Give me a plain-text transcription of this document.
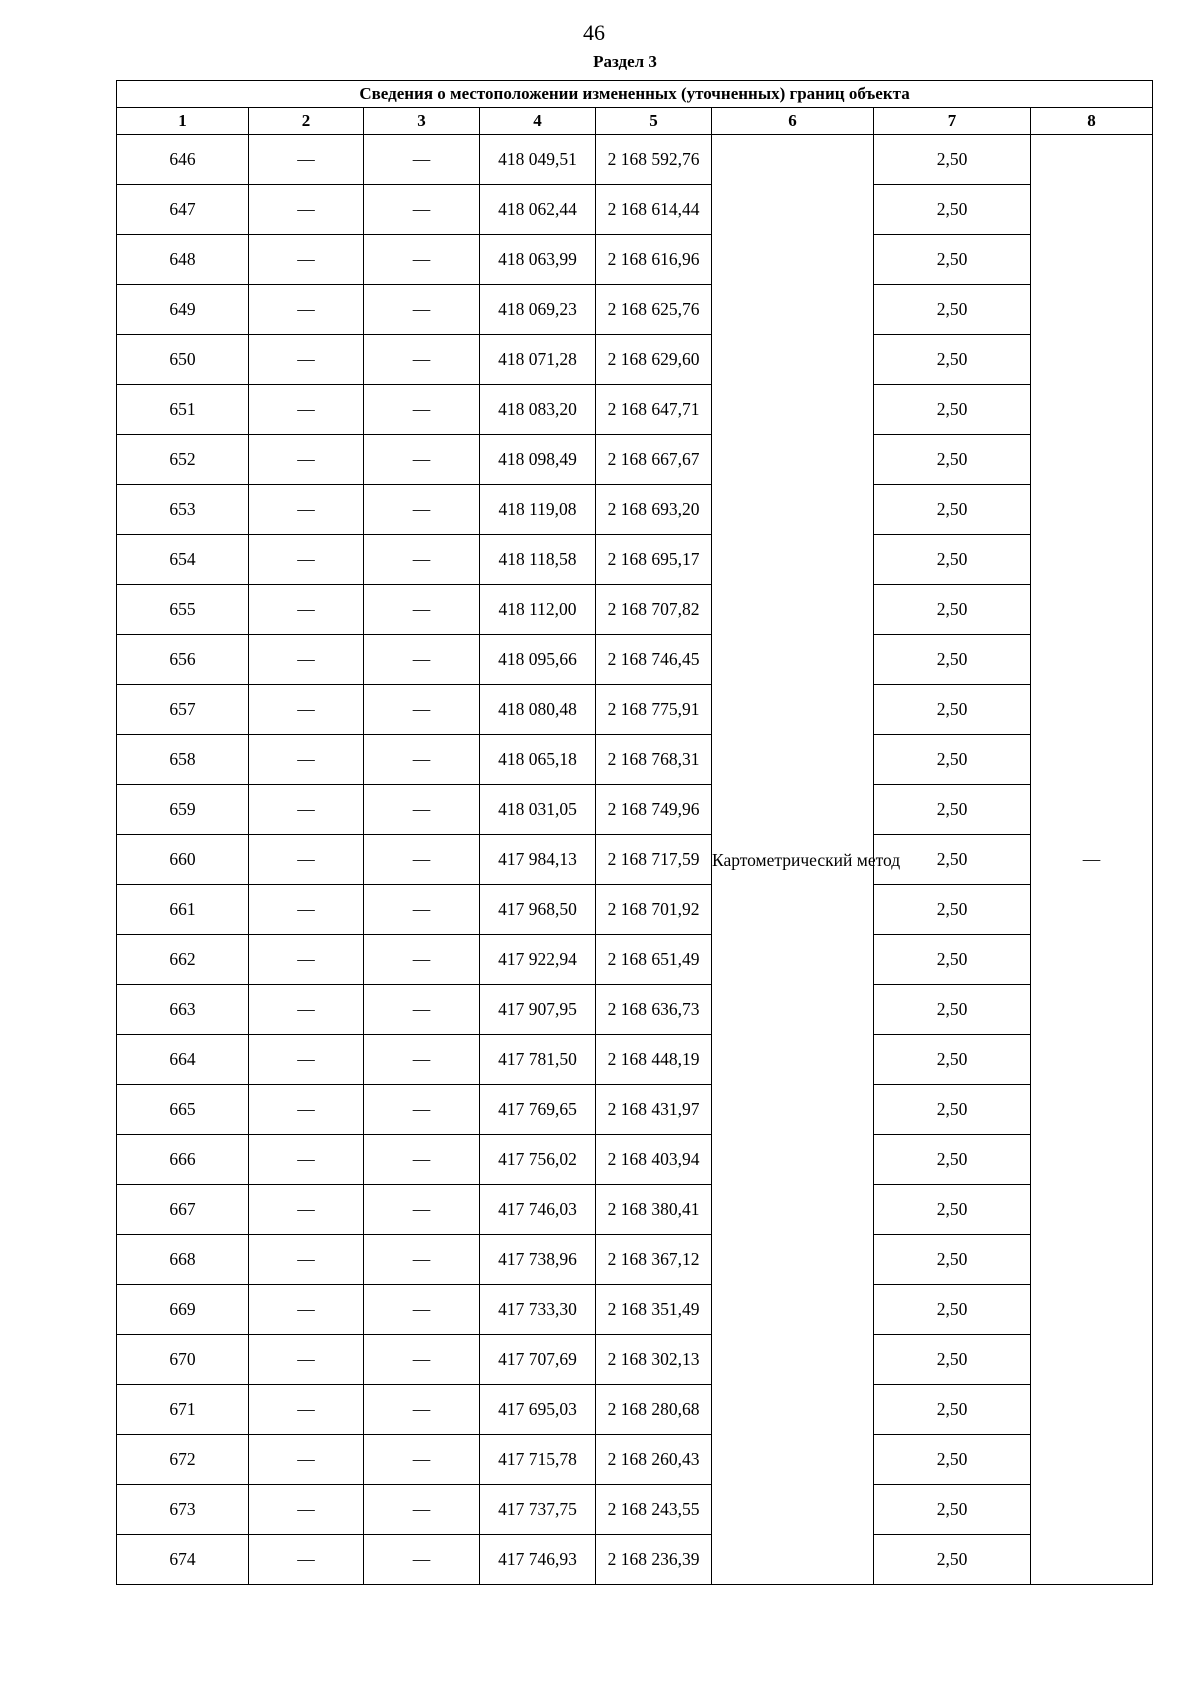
46
Раздел 3
Сведения о местоположении измененных (уточненных) границ объекта							
1	2	3	4	5	6	7	8
646	—	—	418 049,51	2 168 592,76	Картометрический метод	2,50	—
647	—	—	418 062,44	2 168 614,44		2,50	
648	—	—	418 063,99	2 168 616,96		2,50	
649	—	—	418 069,23	2 168 625,76		2,50	
650	—	—	418 071,28	2 168 629,60		2,50	
651	—	—	418 083,20	2 168 647,71		2,50	
652	—	—	418 098,49	2 168 667,67		2,50	
653	—	—	418 119,08	2 168 693,20		2,50	
654	—	—	418 118,58	2 168 695,17		2,50	
655	—	—	418 112,00	2 168 707,82		2,50	
656	—	—	418 095,66	2 168 746,45		2,50	
657	—	—	418 080,48	2 168 775,91		2,50	
658	—	—	418 065,18	2 168 768,31		2,50	
659	—	—	418 031,05	2 168 749,96		2,50	
660	—	—	417 984,13	2 168 717,59		2,50	
661	—	—	417 968,50	2 168 701,92		2,50	
662	—	—	417 922,94	2 168 651,49		2,50	
663	—	—	417 907,95	2 168 636,73		2,50	
664	—	—	417 781,50	2 168 448,19		2,50	
665	—	—	417 769,65	2 168 431,97		2,50	
666	—	—	417 756,02	2 168 403,94		2,50	
667	—	—	417 746,03	2 168 380,41		2,50	
668	—	—	417 738,96	2 168 367,12		2,50	
669	—	—	417 733,30	2 168 351,49		2,50	
670	—	—	417 707,69	2 168 302,13		2,50	
671	—	—	417 695,03	2 168 280,68		2,50	
672	—	—	417 715,78	2 168 260,43		2,50	
673	—	—	417 737,75	2 168 243,55		2,50	
674	—	—	417 746,93	2 168 236,39		2,50	
